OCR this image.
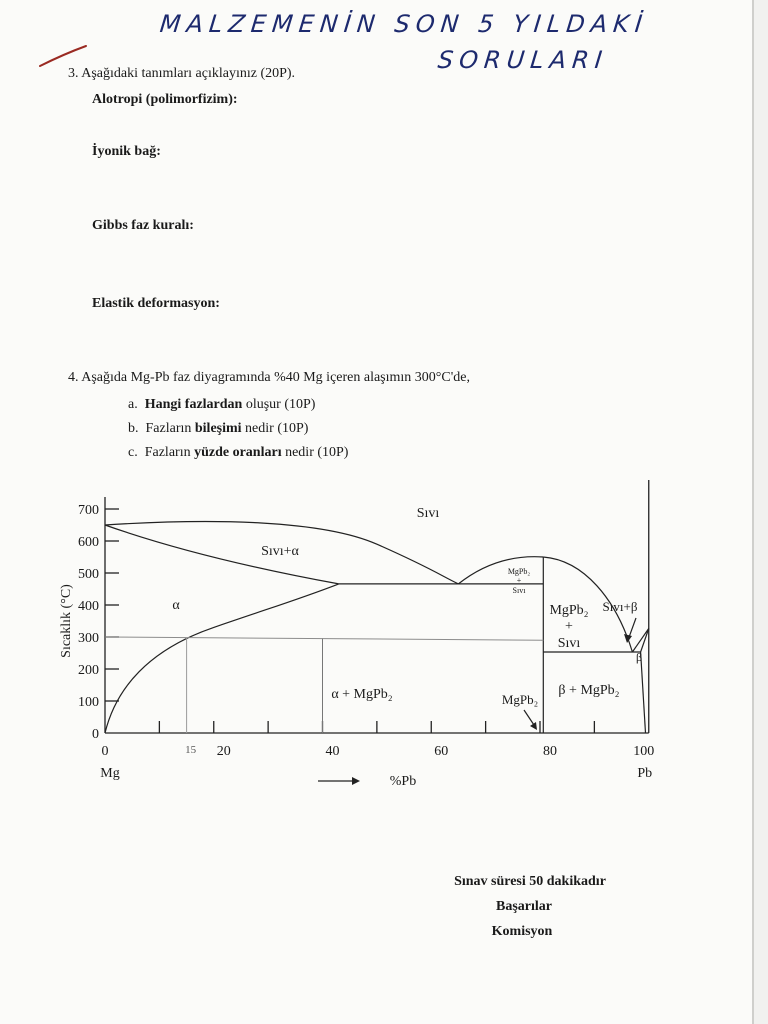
MALZEMENİN SON 5 YILDAKİ
SORULARI
3. Aşağıdaki tanımları açıklayınız (20P).
Alotropi (polimorfizim):
İyonik bağ:
Gibbs faz kuralı:
Elastik deformasyon:
4. Aşağıda Mg-Pb faz diyagramında %40 Mg içeren alaşımın 300°C'de,
a. Hangi fazlardan oluşur (10P)
b. Fazların bileşimi nedir (10P)
c. Fazların yüzde oranları nedir (10P)
0
100
200
300
400
500
600
700
0	20	40	60	80	100
Mg	Pb
15
Sıcaklık (°C)
%Pb
Sıvı
Sıvı+α
α
α + MgPb₂	MgPb₂
MgPb₂
+
Sıvı
MgPb₂
+
Sıvı
Sıvı+β
β
β + MgPb₂
Sınav süresi 50 dakikadır
Başarılar
Komisyon
